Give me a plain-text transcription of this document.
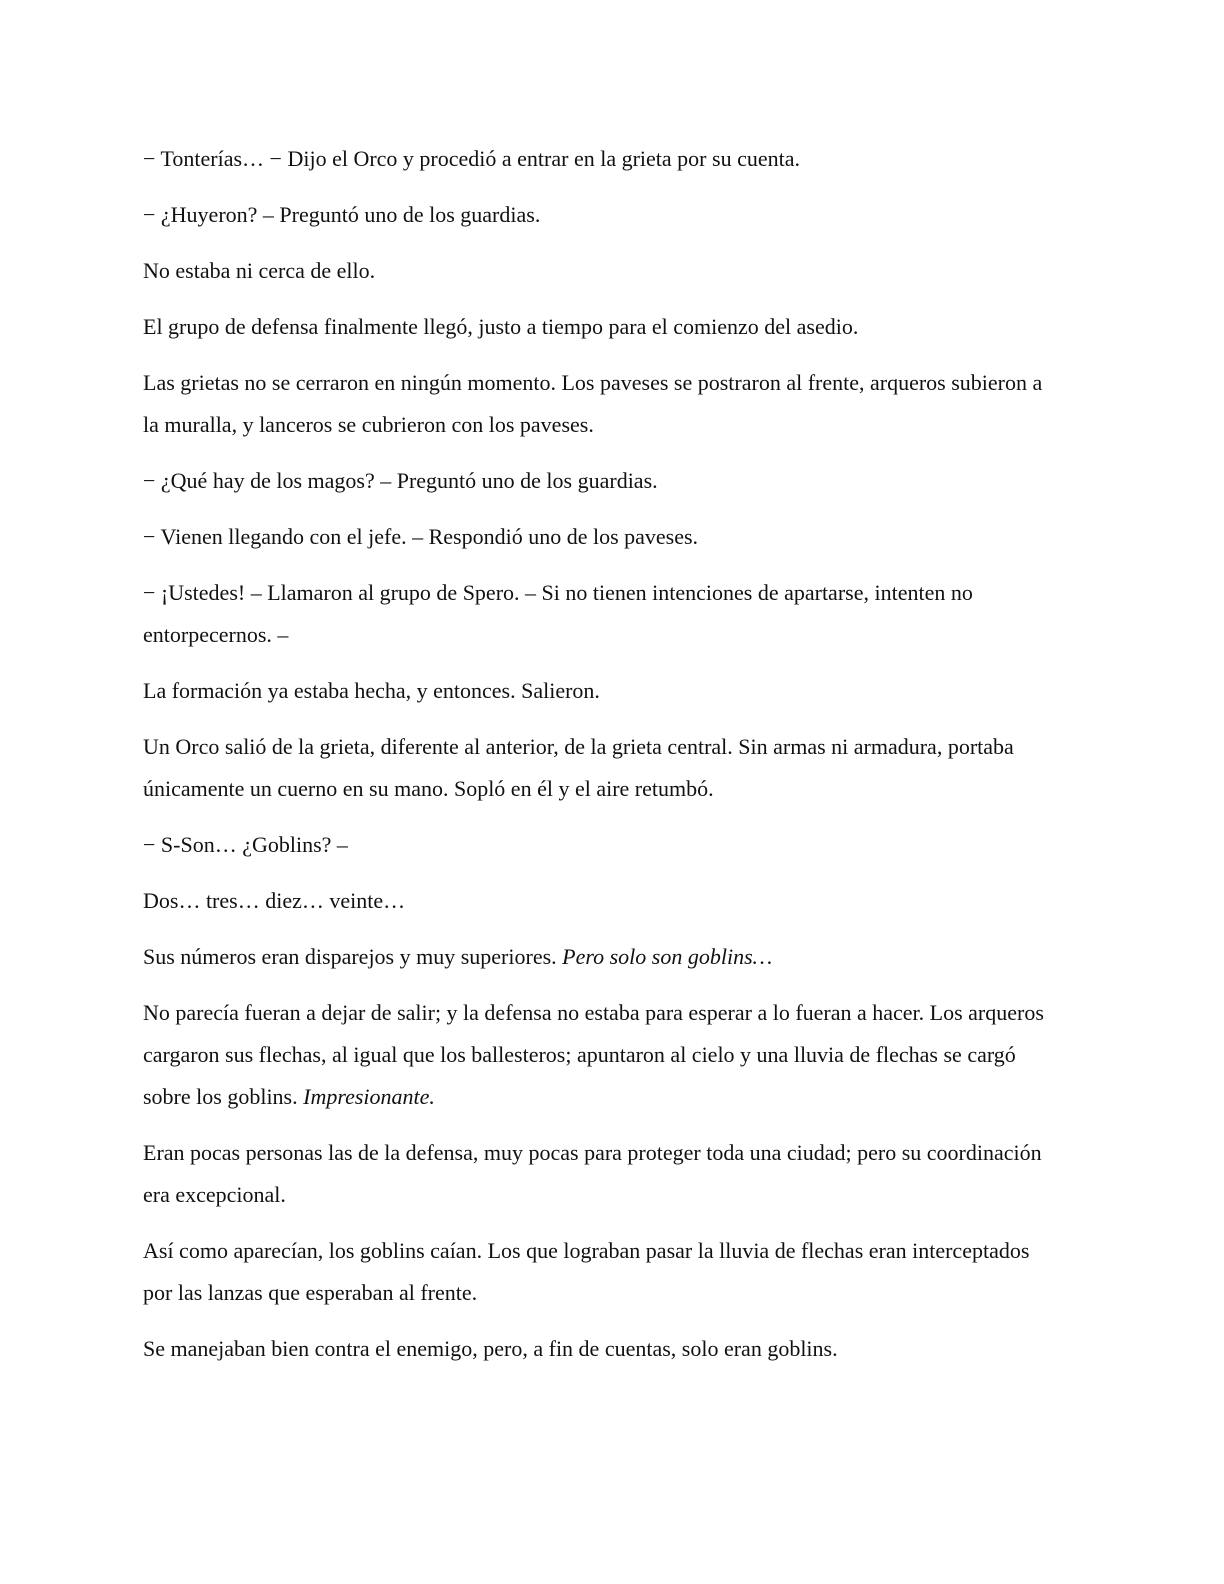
− Tonterías… − Dijo el Orco y procedió a entrar en la grieta por su cuenta.

− ¿Huyeron? – Preguntó uno de los guardias.

No estaba ni cerca de ello.

El grupo de defensa finalmente llegó, justo a tiempo para el comienzo del asedio.

Las grietas no se cerraron en ningún momento. Los paveses se postraron al frente, arqueros subieron a la muralla, y lanceros se cubrieron con los paveses.

− ¿Qué hay de los magos? – Preguntó uno de los guardias.

− Vienen llegando con el jefe. – Respondió uno de los paveses.

− ¡Ustedes! – Llamaron al grupo de Spero. – Si no tienen intenciones de apartarse, intenten no entorpecernos. –

La formación ya estaba hecha, y entonces. Salieron.

Un Orco salió de la grieta, diferente al anterior, de la grieta central. Sin armas ni armadura, portaba únicamente un cuerno en su mano. Sopló en él y el aire retumbó.

− S-Son… ¿Goblins? –

Dos… tres… diez… veinte…

Sus números eran disparejos y muy superiores. Pero solo son goblins…

No parecía fueran a dejar de salir; y la defensa no estaba para esperar a lo fueran a hacer. Los arqueros cargaron sus flechas, al igual que los ballesteros; apuntaron al cielo y una lluvia de flechas se cargó sobre los goblins. Impresionante.

Eran pocas personas las de la defensa, muy pocas para proteger toda una ciudad; pero su coordinación era excepcional.

Así como aparecían, los goblins caían. Los que lograban pasar la lluvia de flechas eran interceptados por las lanzas que esperaban al frente.

Se manejaban bien contra el enemigo, pero, a fin de cuentas, solo eran goblins.
